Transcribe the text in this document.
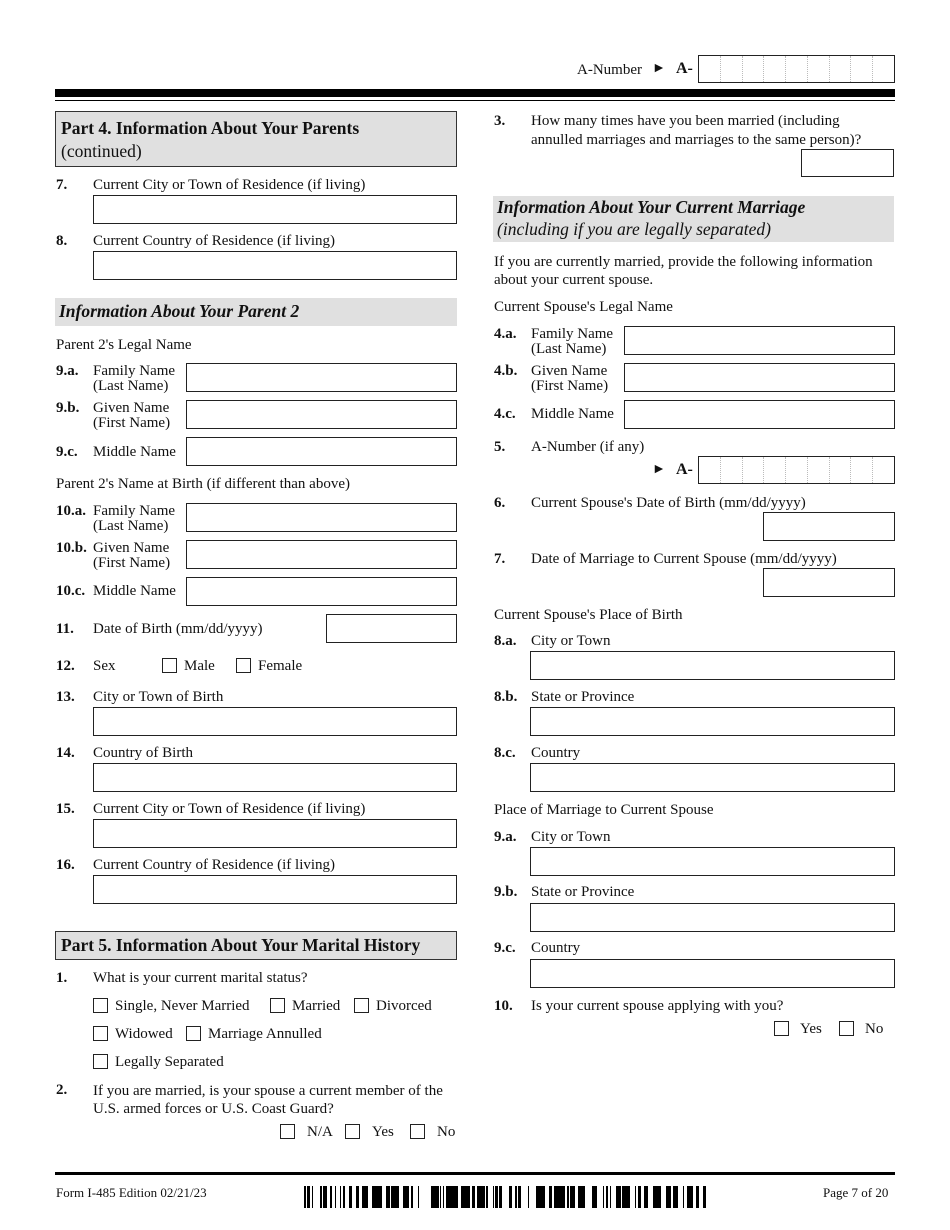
A-Number ► A-
Part 4. Information About Your Parents
(continued)
7. Current City or Town of Residence (if living)
8. Current Country of Residence (if living)
Information About Your Parent 2
Parent 2's Legal Name
9.a. Family Name
(Last Name)
9.b. Given Name
(First Name)
9.c. Middle Name
Parent 2's Name at Birth (if different than above)
10.a. Family Name
(Last Name)
10.b. Given Name
(First Name)
10.c. Middle Name
11. Date of Birth (mm/dd/yyyy)
12. Sex	Male	Female
13. City or Town of Birth
14. Country of Birth
15. Current City or Town of Residence (if living)
16. Current Country of Residence (if living)
Part 5. Information About Your Marital History
1. What is your current marital status?
Single, Never Married	Married Divorced
Widowed Marriage Annulled
Legally Separated
2. If you are married, is your spouse a current member of the U.S. armed forces or U.S. Coast Guard?
N/A	Yes	No
3. How many times have you been married (including annulled marriages and marriages to the same person)?
Information About Your Current Marriage
(including if you are legally separated)
If you are currently married, provide the following information about your current spouse.
Current Spouse's Legal Name
4.a. Family Name
(Last Name)
4.b. Given Name
(First Name)
4.c. Middle Name
5. A-Number (if any)
► A-
6. Current Spouse's Date of Birth (mm/dd/yyyy)
7. Date of Marriage to Current Spouse (mm/dd/yyyy)
Current Spouse's Place of Birth
8.a. City or Town
8.b. State or Province
8.c. Country
Place of Marriage to Current Spouse
9.a. City or Town
9.b. State or Province
9.c. Country
10. Is your current spouse applying with you?
Yes	No
Form I-485 Edition 02/21/23	Page 7 of 20
